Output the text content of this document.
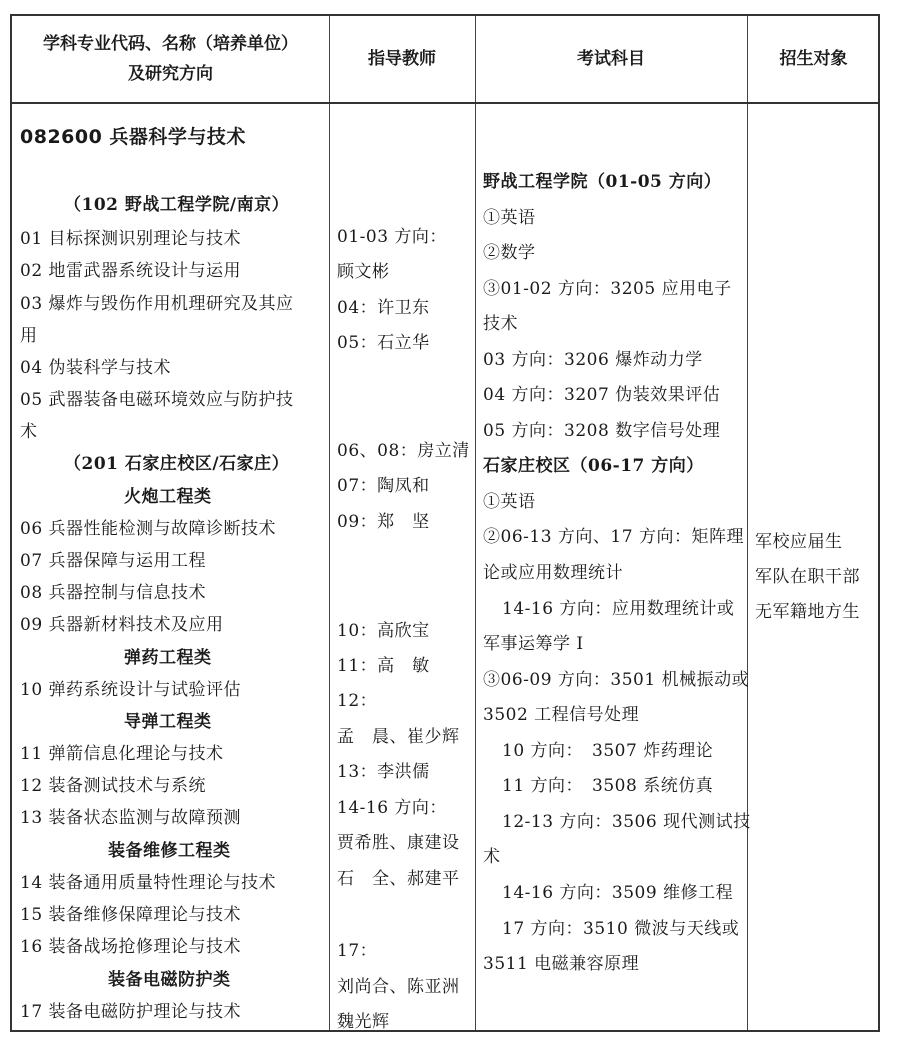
学科专业代码、名称（培养单位）
及研究方向
指导教师	考试科目	招生对象
082600 兵器科学与技术
（102 野战工程学院/南京）
01 目标探测识别理论与技术
02 地雷武器系统设计与运用
03 爆炸与毁伤作用机理研究及其应
用
04 伪装科学与技术
05 武器装备电磁环境效应与防护技
术
（201 石家庄校区/石家庄）
火炮工程类
06 兵器性能检测与故障诊断技术
07 兵器保障与运用工程
08 兵器控制与信息技术
09 兵器新材料技术及应用
弹药工程类
10 弹药系统设计与试验评估
导弹工程类
11 弹箭信息化理论与技术
12 装备测试技术与系统
13 装备状态监测与故障预测
装备维修工程类
14 装备通用质量特性理论与技术
15 装备维修保障理论与技术
16 装备战场抢修理论与技术
装备电磁防护类
17 装备电磁防护理论与技术
01-03 方向：
顾文彬
04：许卫东
05：石立华
06、08：房立清
07：陶凤和
09：郑　坚
10：高欣宝
11：高　敏
12：
孟　晨、崔少辉
13：李洪儒
14-16 方向：
贾希胜、康建设
石　全、郝建平
17：
刘尚合、陈亚洲
魏光辉
野战工程学院（01-05 方向）
①英语
②数学
③01-02 方向：3205 应用电子
技术
03 方向：3206 爆炸动力学
04 方向：3207 伪装效果评估
05 方向：3208 数字信号处理
石家庄校区（06-17 方向）
①英语
②06-13 方向、17 方向：矩阵理
论或应用数理统计
14-16 方向：应用数理统计或
军事运筹学 I
③06-09 方向：3501 机械振动或
3502 工程信号处理
10 方向：　3507 炸药理论
11 方向：　3508 系统仿真
12-13 方向：3506 现代测试技
术
14-16 方向：3509 维修工程
17 方向：3510 微波与天线或
3511 电磁兼容原理
军校应届生
军队在职干部
无军籍地方生
